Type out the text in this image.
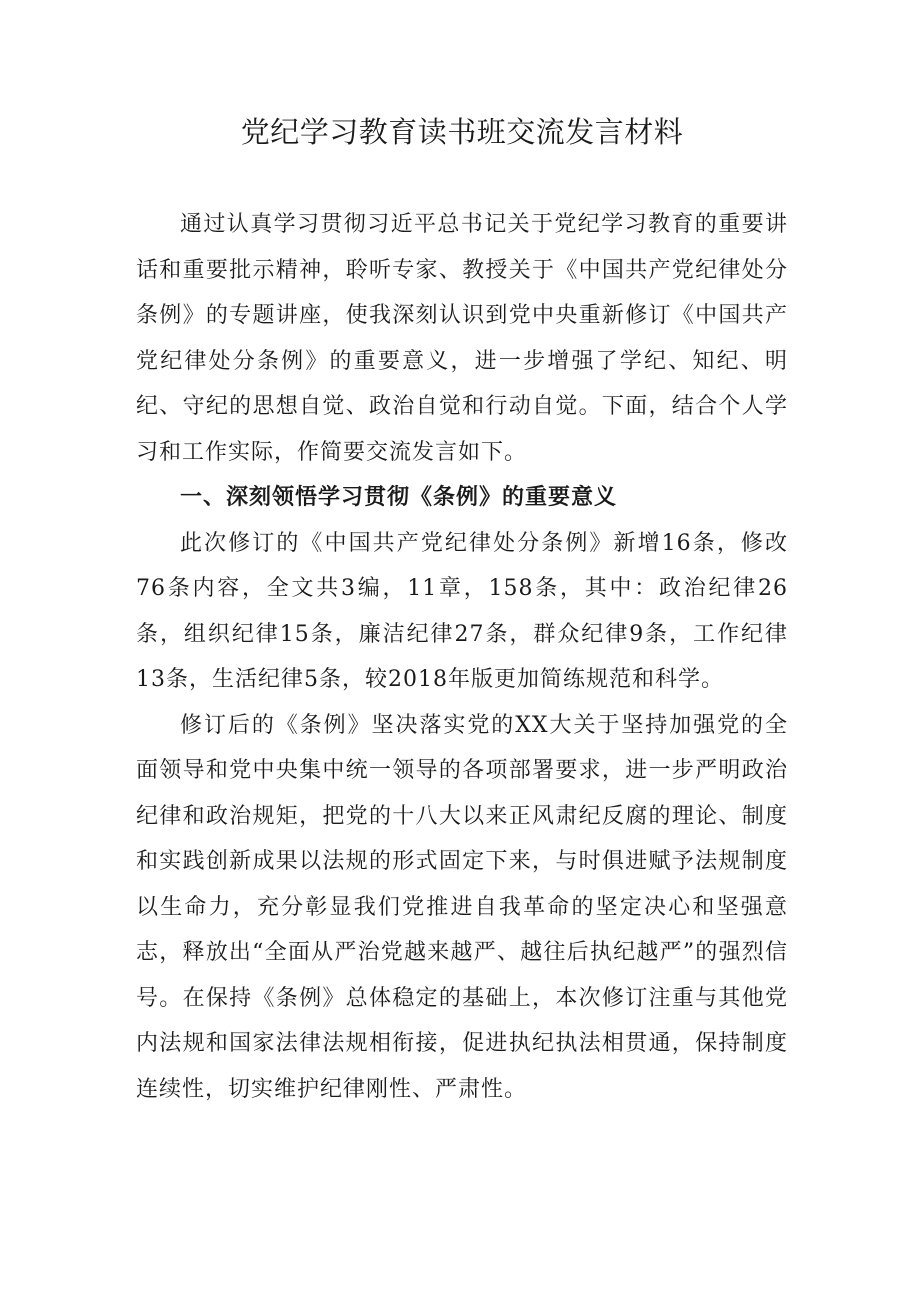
党纪学习教育读书班交流发言材料

通过认真学习贯彻习近平总书记关于党纪学习教育的重要讲话和重要批示精神，聆听专家、教授关于《中国共产党纪律处分条例》的专题讲座，使我深刻认识到党中央重新修订《中国共产党纪律处分条例》的重要意义，进一步增强了学纪、知纪、明纪、守纪的思想自觉、政治自觉和行动自觉。下面，结合个人学习和工作实际，作简要交流发言如下。

一、深刻领悟学习贯彻《条例》的重要意义

此次修订的《中国共产党纪律处分条例》新增16条，修改76条内容，全文共3编，11章，158条，其中：政治纪律26条，组织纪律15条，廉洁纪律27条，群众纪律9条，工作纪律13条，生活纪律5条，较2018年版更加简练规范和科学。

修订后的《条例》坚决落实党的XX大关于坚持加强党的全面领导和党中央集中统一领导的各项部署要求，进一步严明政治纪律和政治规矩，把党的十八大以来正风肃纪反腐的理论、制度和实践创新成果以法规的形式固定下来，与时俱进赋予法规制度以生命力，充分彰显我们党推进自我革命的坚定决心和坚强意志，释放出“全面从严治党越来越严、越往后执纪越严”的强烈信号。在保持《条例》总体稳定的基础上，本次修订注重与其他党内法规和国家法律法规相衔接，促进执纪执法相贯通，保持制度连续性，切实维护纪律刚性、严肃性。
